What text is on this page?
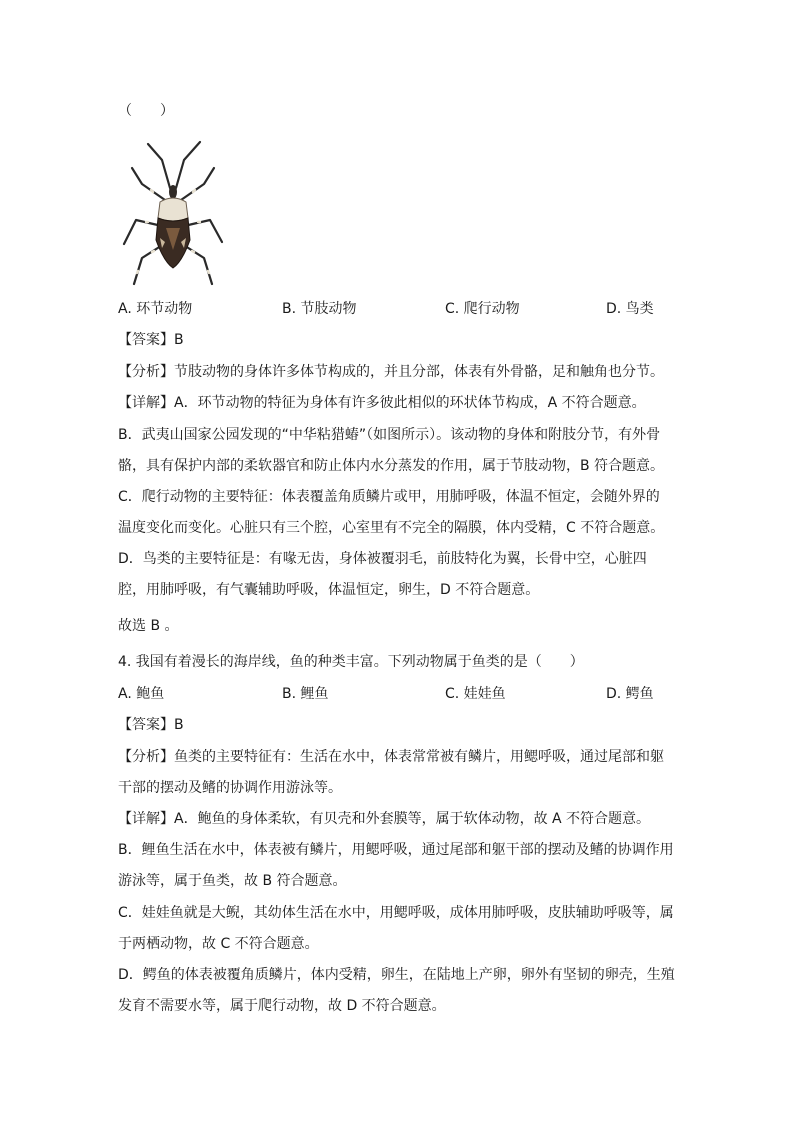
（　　）
A. 环节动物	B. 节肢动物	C. 爬行动物	D. 鸟类
【答案】B
【分析】节肢动物的身体许多体节构成的，并且分部，体表有外骨骼，足和触角也分节。
【详解】A．环节动物的特征为身体有许多彼此相似的环状体节构成，A 不符合题意。
B．武夷山国家公园发现的“中华粘猎蝽”（如图所示）。该动物的身体和附肢分节，有外骨
骼，具有保护内部的柔软器官和防止体内水分蒸发的作用，属于节肢动物，B 符合题意。
C．爬行动物的主要特征：体表覆盖角质鳞片或甲，用肺呼吸，体温不恒定，会随外界的
温度变化而变化。心脏只有三个腔，心室里有不完全的隔膜，体内受精，C 不符合题意。
D．鸟类的主要特征是：有喙无齿，身体被覆羽毛，前肢特化为翼，长骨中空，心脏四
腔，用肺呼吸，有气囊辅助呼吸，体温恒定，卵生，D 不符合题意。
故选 B 。
4. 我国有着漫长的海岸线，鱼的种类丰富。下列动物属于鱼类的是（　　）
A. 鲍鱼	B. 鲤鱼	C. 娃娃鱼	D. 鳄鱼
【答案】B
【分析】鱼类的主要特征有：生活在水中，体表常常被有鳞片，用鳃呼吸，通过尾部和躯
干部的摆动及鳍的协调作用游泳等。
【详解】A．鲍鱼的身体柔软，有贝壳和外套膜等，属于软体动物，故 A 不符合题意。
B．鲤鱼生活在水中，体表被有鳞片，用鳃呼吸，通过尾部和躯干部的摆动及鳍的协调作用
游泳等，属于鱼类，故 B 符合题意。
C．娃娃鱼就是大鲵，其幼体生活在水中，用鳃呼吸，成体用肺呼吸，皮肤辅助呼吸等，属
于两栖动物，故 C 不符合题意。
D．鳄鱼的体表被覆角质鳞片，体内受精，卵生，在陆地上产卵，卵外有坚韧的卵壳，生殖
发育不需要水等，属于爬行动物，故 D 不符合题意。
